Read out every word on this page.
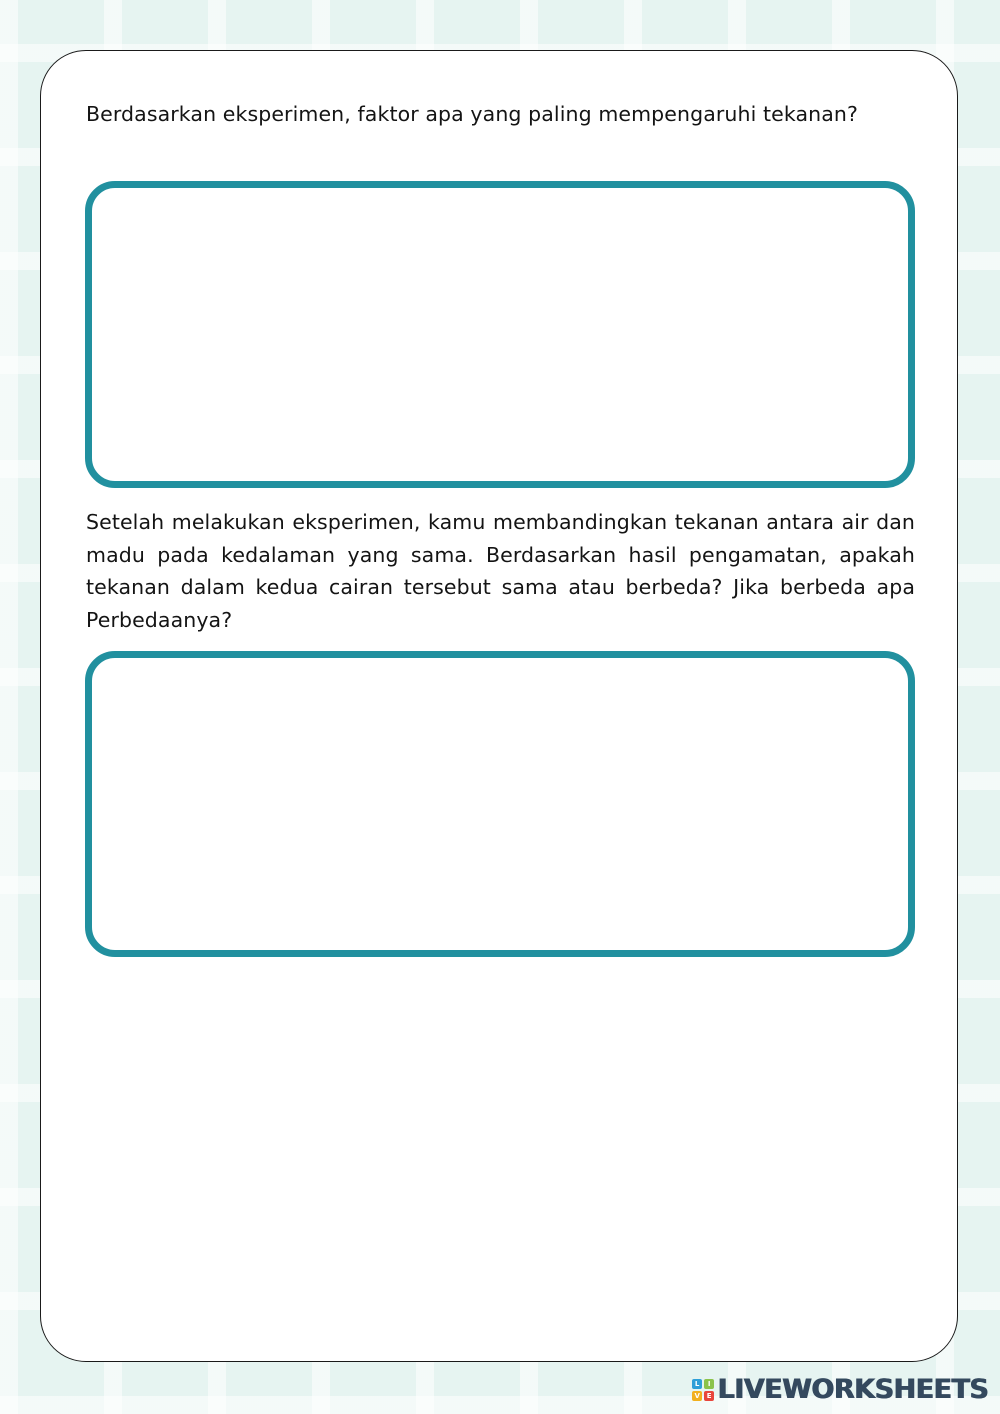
Berdasarkan eksperimen, faktor apa yang paling mempengaruhi tekanan?

Setelah melakukan eksperimen, kamu membandingkan tekanan antara air dan madu pada kedalaman yang sama. Berdasarkan hasil pengamatan, apakah tekanan dalam kedua cairan tersebut sama atau berbeda? Jika berbeda apa Perbedaanya?

L	I
V E LIVEWORKSHEETS
